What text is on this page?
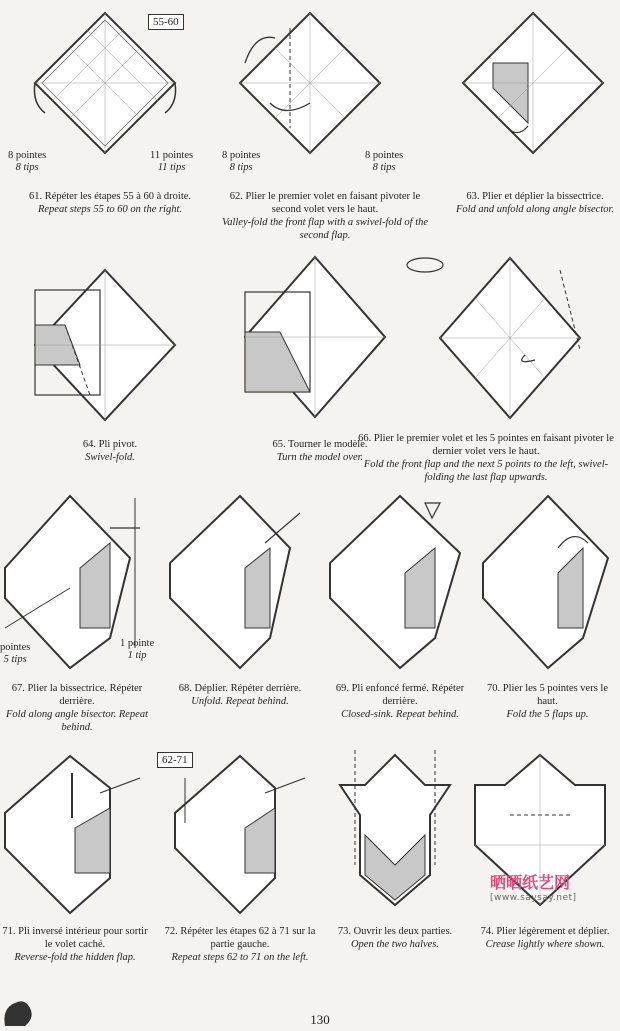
55-60
8 pointes
8 tips
11 pointes
11 tips
61. Répéter les étapes 55 à 60 à droite.
Repeat steps 55 to 60 on the right.
8 pointes
8 tips
8 pointes
8 tips
62. Plier le premier volet en faisant pivoter le second volet vers le haut.
Valley-fold the front flap with a swivel-fold of the second flap.
63. Plier et déplier la bissectrice.
Fold and unfold along angle bisector.
64. Pli pivot.
Swivel-fold.
65. Tourner le modèle.
Turn the model over.
66. Plier le premier volet et les 5 pointes en faisant pivoter le dernier volet vers le haut.
Fold the front flap and the next 5 points to the left, swivel-folding the last flap upwards.
pointes
5 tips
1 pointe
1 tip
67. Plier la bissectrice. Répéter derrière.
Fold along angle bisector. Repeat behind.
68. Déplier. Répéter derrière.
Unfold. Repeat behind.
69. Pli enfoncé fermé. Répéter derrière.
Closed-sink. Repeat behind.
70. Plier les 5 pointes vers le haut.
Fold the 5 flaps up.
71. Pli inversé intérieur pour sortir le volet caché.
Reverse-fold the hidden flap.
62-71
72. Répéter les étapes 62 à 71 sur la partie gauche.
Repeat steps 62 to 71 on the left.
73. Ouvrir les deux parties.
Open the two halves.
74. Plier légèrement et déplier.
Crease lightly where shown.
晒晒纸艺网
[www.saysay.net]
130
